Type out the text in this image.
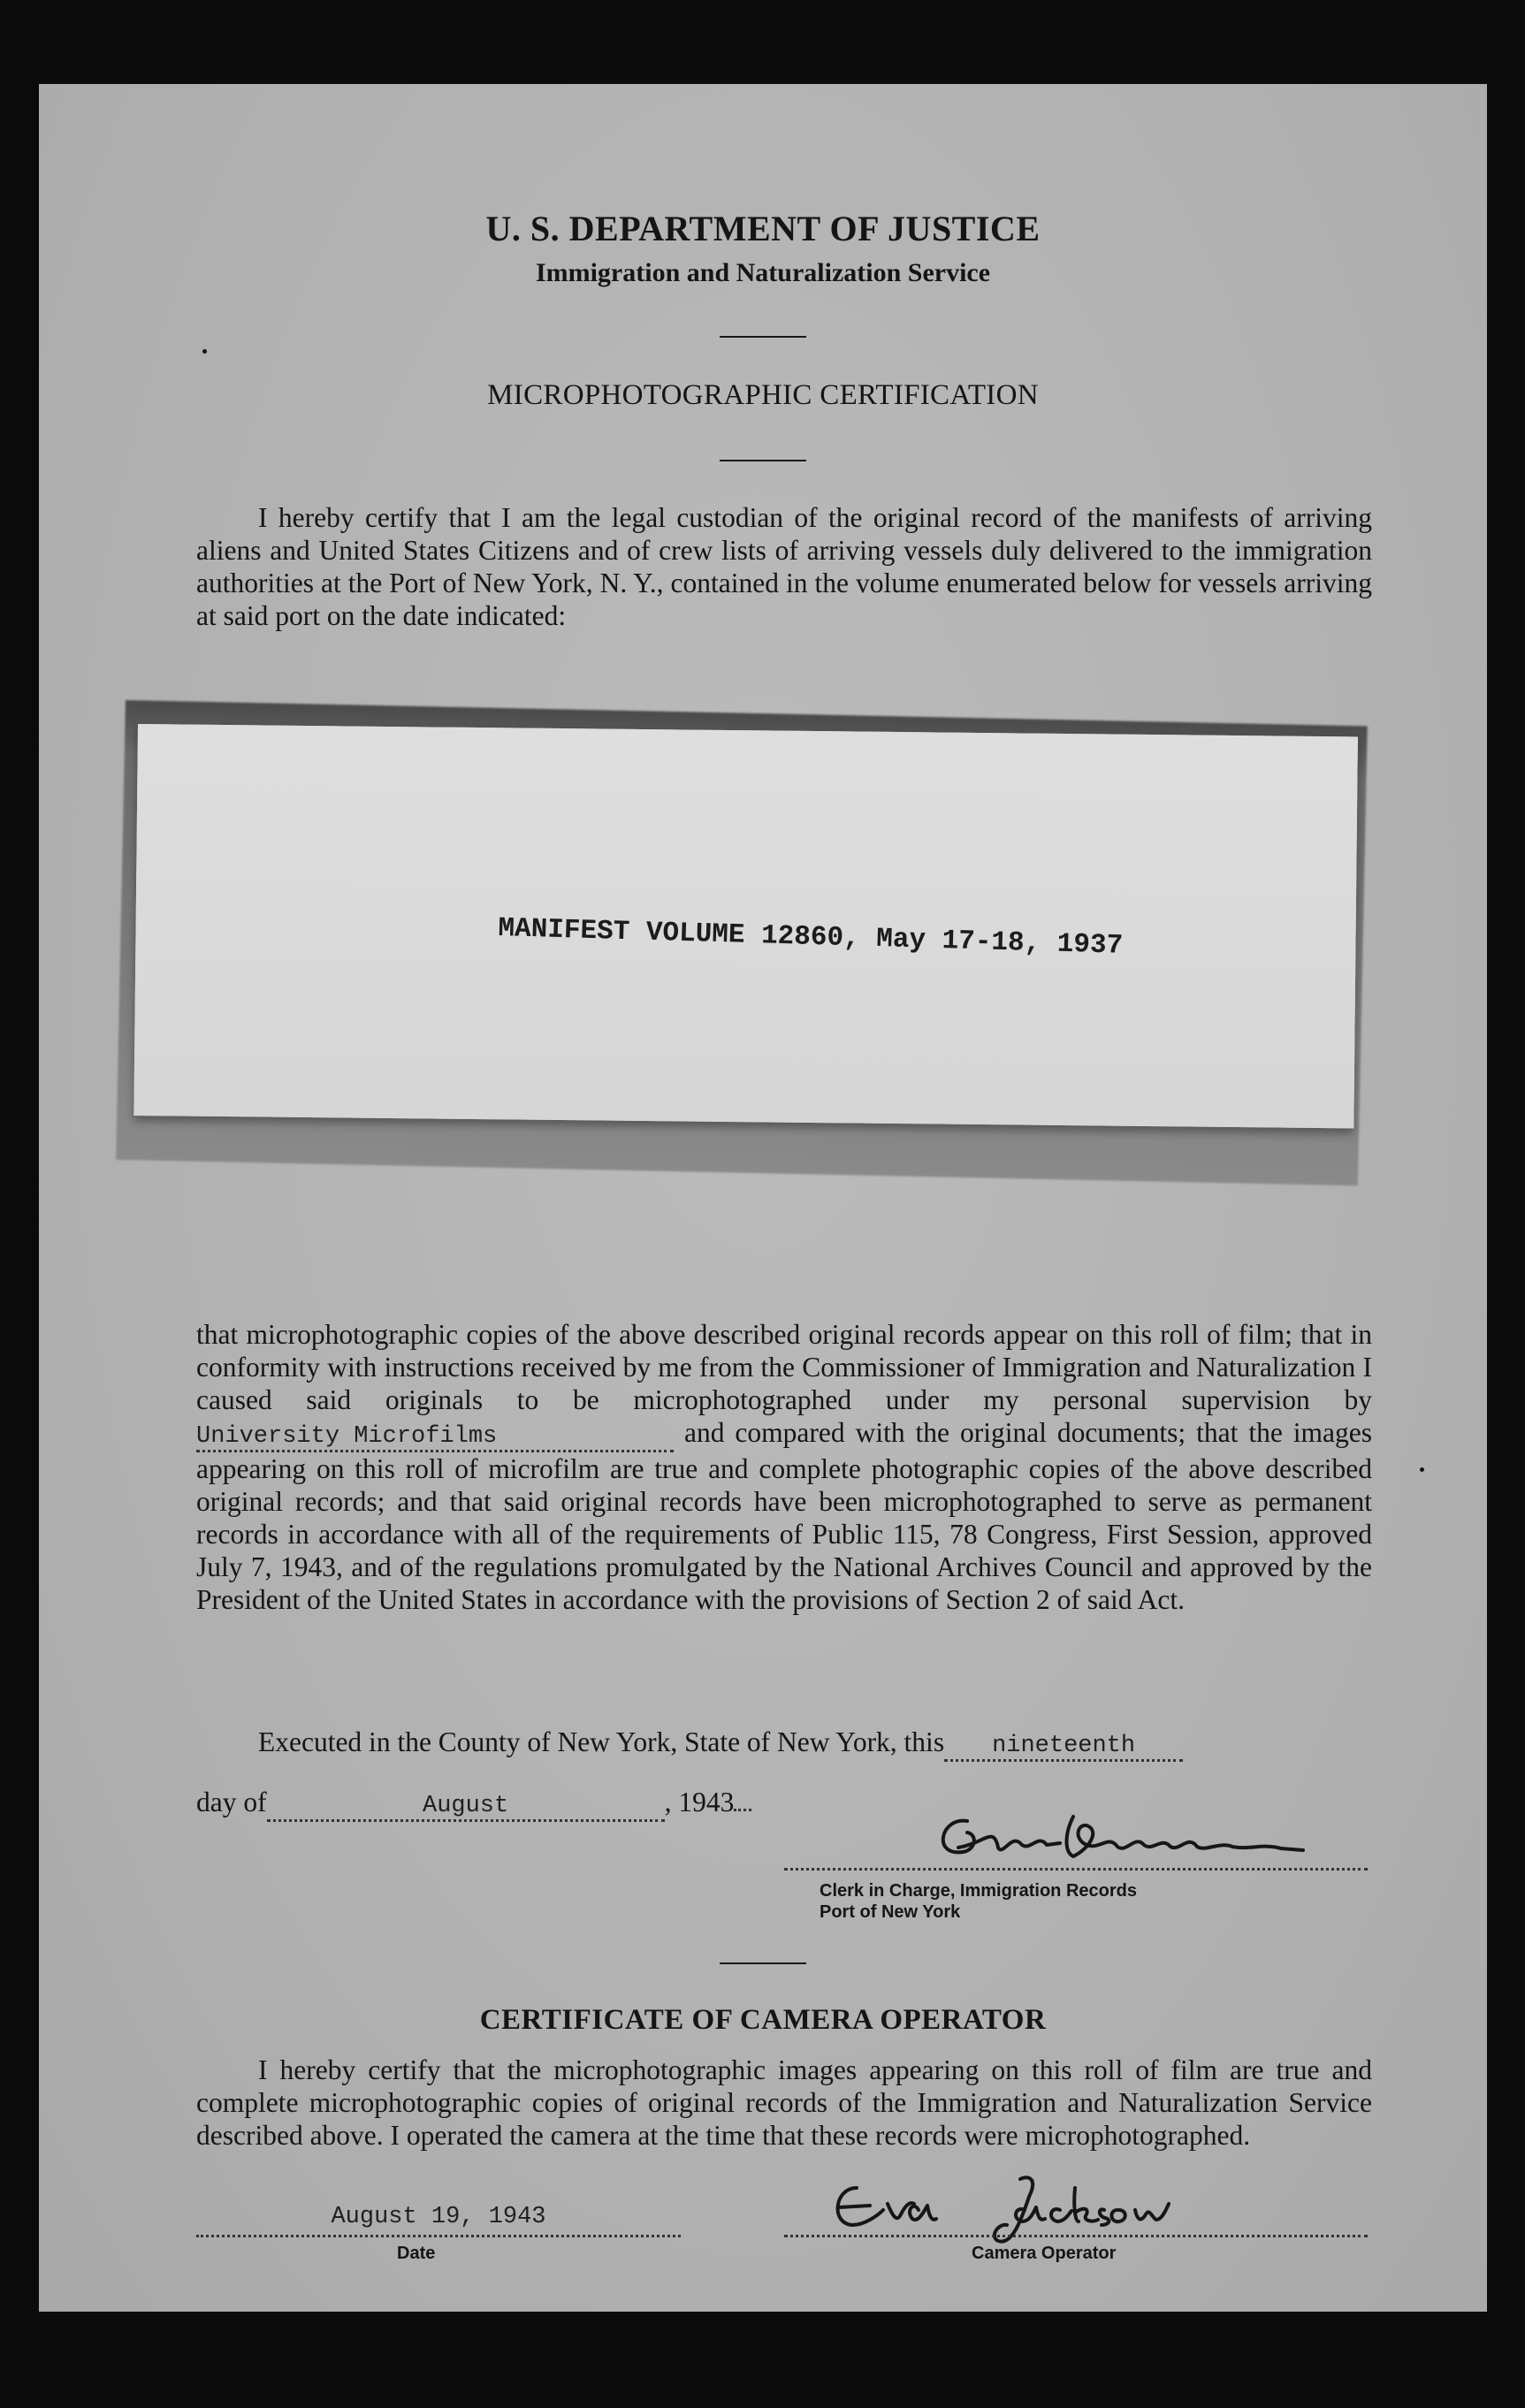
U. S. DEPARTMENT OF JUSTICE
Immigration and Naturalization Service
MICROPHOTOGRAPHIC CERTIFICATION
I hereby certify that I am the legal custodian of the original record of the manifests of arriving aliens and United States Citizens and of crew lists of arriving vessels duly delivered to the immigration authorities at the Port of New York, N. Y., contained in the volume enumerated below for vessels arriving at said port on the date indicated:
MANIFEST VOLUME 12860, May 17-18, 1937
that microphotographic copies of the above described original records appear on this roll of film; that in conformity with instructions received by me from the Commissioner of Immigration and Naturalization I caused said originals to be microphotographed under my personal supervision by University Microfilms	and compared with the original documents; that the images appearing on this roll of microfilm are true and complete photographic copies of the above described original records; and that said original records have been microphotographed to serve as permanent records in accordance with all of the requirements of Public 115, 78 Congress, First Session, approved July 7, 1943, and of the regulations promulgated by the National Archives Council and approved by the President of the United States in accordance with the provisions of Section 2 of said Act.
Executed in the County of New York, State of New York, this nineteenth
day of	August	, 1943	Geo Baeckler
Clerk in Charge, Immigration Records
Port of New York
CERTIFICATE OF CAMERA OPERATOR
I hereby certify that the microphotographic images appearing on this roll of film are true and complete microphotographic copies of original records of the Immigration and Naturalization Service described above. I operated the camera at the time that these records were microphotographed.
August 19, 1943
Date
Eva Jackson
Camera Operator
